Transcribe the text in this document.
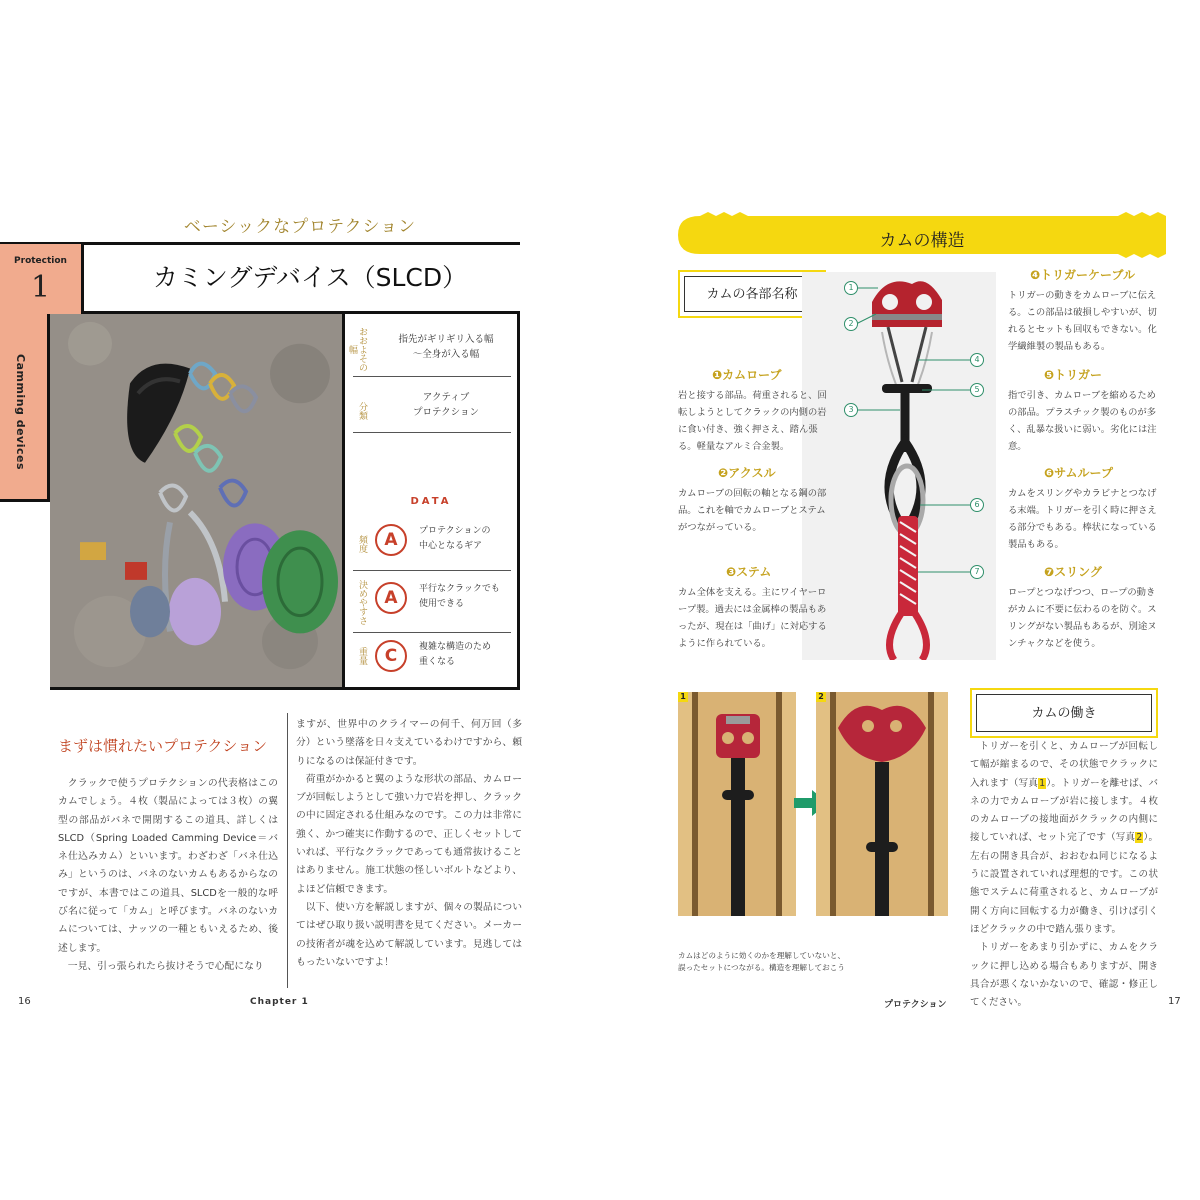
ベーシックなプロテクション
Protection
1	カミングデバイス（SLCD）
Camming devices
おおよその幅
指先がギリギリ入る幅
〜全身が入る幅
分類
アクティブ
プロテクション
DATA
頻度	A	プロテクションの
中心となるギア
決めやすさ	A	平行なクラックでも
使用できる
重量	C	複雑な構造のため
重くなる
まずは慣れたいプロテクション

クラックで使うプロテクションの代表格はこのカムでしょう。４枚（製品によっては３枚）の翼型の部品がバネで開閉するこの道具、詳しくはSLCD（Spring Loaded Camming Device＝バネ仕込みカム）といいます。わざわざ「バネ仕込み」というのは、バネのないカムもあるからなのですが、本書ではこの道具、SLCDを一般的な呼び名に従って「カム」と呼びます。バネのないカムについては、ナッツの一種ともいえるため、後述します。

一見、引っ張られたら抜けそうで心配になり

ますが、世界中のクライマーの何千、何万回（多分）という墜落を日々支えているわけですから、頼りになるのは保証付きです。

荷重がかかると翼のような形状の部品、カムローブが回転しようとして強い力で岩を押し、クラックの中に固定される仕組みなのです。この力は非常に強く、かつ確実に作動するので、正しくセットしていれば、平行なクラックであっても通常抜けることはありません。施工状態の怪しいボルトなどより、よほど信頼できます。

以下、使い方を解説しますが、個々の製品についてはぜひ取り扱い説明書を見てください。メーカーの技術者が魂を込めて解説しています。見逃してはもったいないですよ！

16	Chapter 1
カムの構造
カムの各部名称	1
2
3
4
5
6
7
❶カムローブ
岩と接する部品。荷重されると、回転しようとしてクラックの内側の岩に食い付き、強く押さえ、踏ん張る。軽量なアルミ合金製。
❷アクスル
カムローブの回転の軸となる鋼の部品。これを軸でカムローブとステムがつながっている。
❸ステム
カム全体を支える。主にワイヤーロープ製。過去には金属棒の製品もあったが、現在は「曲げ」に対応するように作られている。
❹トリガーケーブル
トリガーの動きをカムローブに伝える。この部品は破損しやすいが、切れるとセットも回収もできない。化学繊維製の製品もある。
❺トリガー
指で引き、カムローブを縮めるための部品。プラスチック製のものが多く、乱暴な扱いに弱い。劣化には注意。
❻サムループ
カムをスリングやカラビナとつなげる末端。トリガーを引く時に押さえる部分でもある。棒状になっている製品もある。
❼スリング
ロープとつなげつつ、ロープの動きがカムに不要に伝わるのを防ぐ。スリングがない製品もあるが、別途ヌンチャクなどを使う。
1	2
カムはどのように効くのかを理解していないと、誤ったセットにつながる。構造を理解しておこう
カムの働き

トリガーを引くと、カムローブが回転して幅が縮まるので、その状態でクラックに入れます（写真1）。トリガーを離せば、バネの力でカムローブが岩に接します。４枚のカムローブの接地面がクラックの内側に接していれば、セット完了です（写真2）。左右の開き具合が、おおむね同じになるように設置されていれば理想的です。この状態でステムに荷重されると、カムローブが開く方向に回転する力が働き、引けば引くほどクラックの中で踏ん張ります。

トリガーをあまり引かずに、カムをクラックに押し込める場合もありますが、開き具合が悪くないかないので、確認・修正してください。

プロテクション	17
